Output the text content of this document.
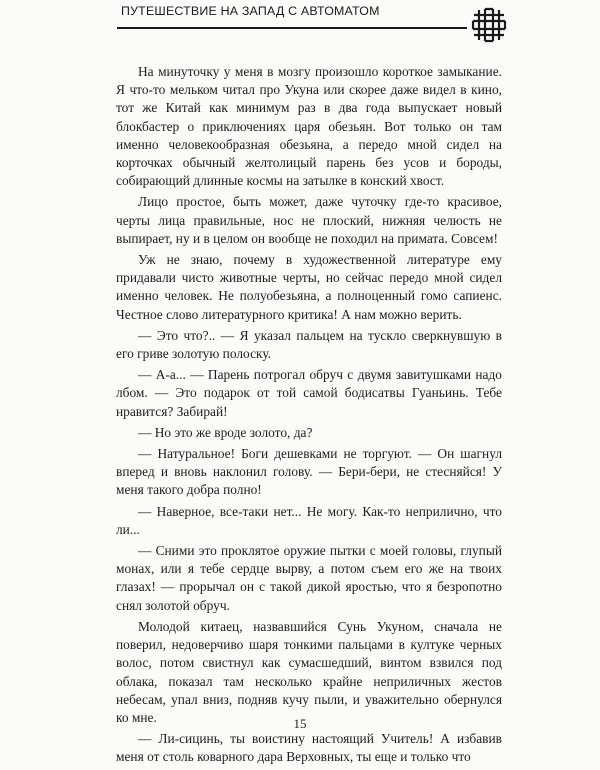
ПУТЕШЕСТВИЕ НА ЗАПАД С АВТОМАТОМ

На минуточку у меня в мозгу произошло короткое замыкание. Я что-то мельком читал про Укуна или скорее даже видел в кино, тот же Китай как минимум раз в два года выпускает новый блокбастер о приключениях царя обезьян. Вот только он там именно человекообразная обезьяна, а передо мной сидел на корточках обычный желтолицый парень без усов и бороды, собирающий длинные космы на затылке в конский хвост.

Лицо простое, быть может, даже чуточку где-то красивое, черты лица правильные, нос не плоский, нижняя челюсть не выпирает, ну и в целом он вообще не походил на примата. Совсем!

Уж не знаю, почему в художественной литературе ему придавали чисто животные черты, но сейчас передо мной сидел именно человек. Не полуобезьяна, а полноценный гомо сапиенс. Честное слово литературного критика! А нам можно верить.

— Это что?.. — Я указал пальцем на тускло сверкнувшую в его гриве золотую полоску.

— А-а... — Парень потрогал обруч с двумя завитушками надо лбом. — Это подарок от той самой бодисатвы Гуаньинь. Тебе нравится? Забирай!

— Но это же вроде золото, да?

— Натуральное! Боги дешевками не торгуют. — Он шагнул вперед и вновь наклонил голову. — Бери-бери, не стесняйся! У меня такого добра полно!

— Наверное, все-таки нет... Не могу. Как-то неприлично, что ли...

— Сними это проклятое оружие пытки с моей головы, глупый монах, или я тебе сердце вырву, а потом съем его же на твоих глазах! — прорычал он с такой дикой яростью, что я безропотно снял золотой обруч.

Молодой китаец, назвавшийся Сунь Укуном, сначала не поверил, недоверчиво шаря тонкими пальцами в култуке черных волос, потом свистнул как сумасшедший, винтом взвился под облака, показал там несколько крайне неприличных жестов небесам, упал вниз, подняв кучу пыли, и уважительно обернулся ко мне.

— Ли-сицинь, ты воистину настоящий Учитель! А избавив меня от столь коварного дара Верховных, ты еще и только что

15
